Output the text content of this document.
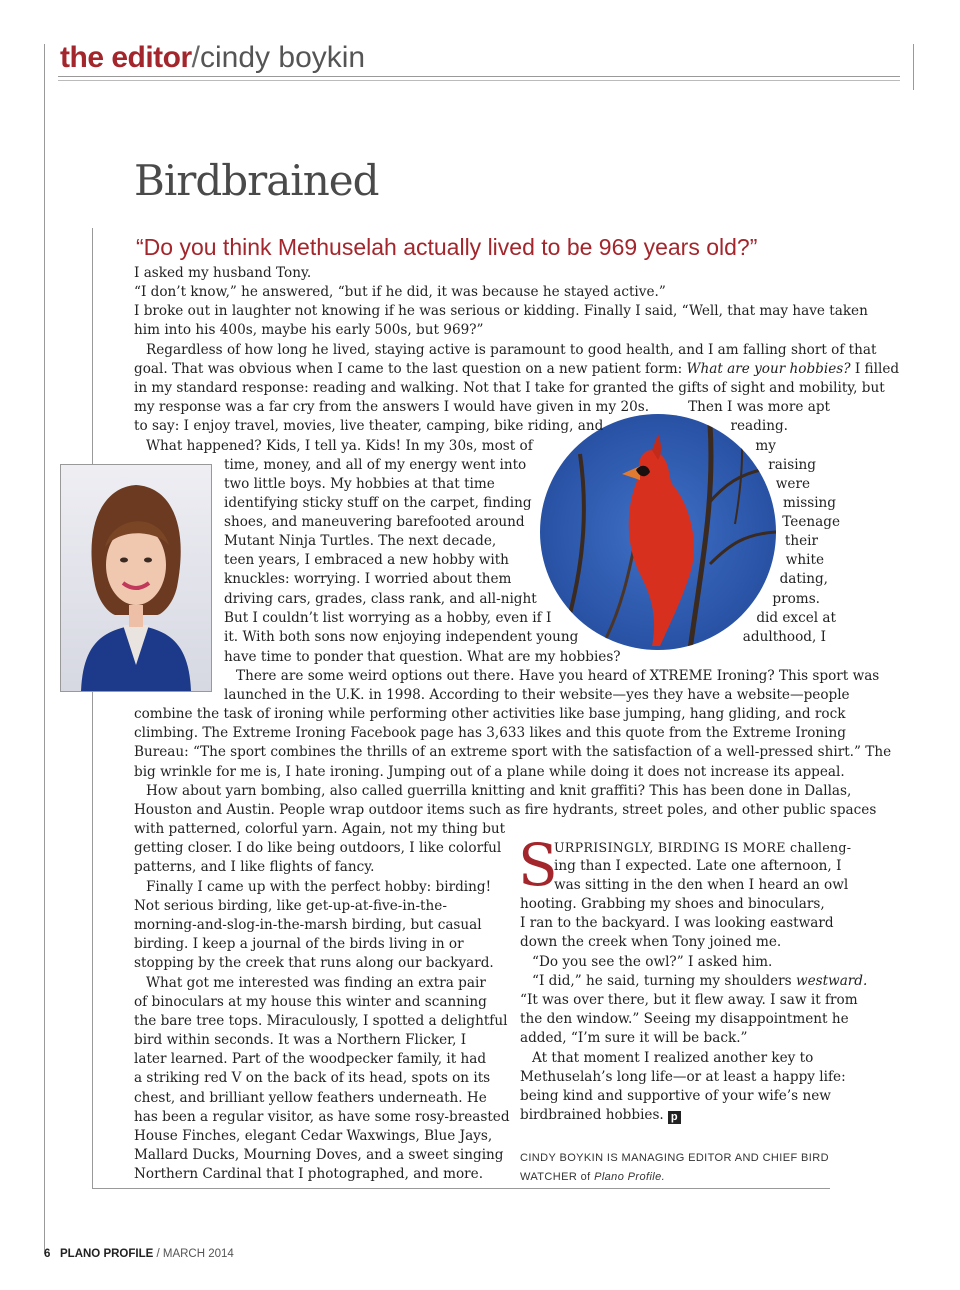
the editor/cindy boykin
Birdbrained
“Do you think Methuselah actually lived to be 969 years old?”
I asked my husband Tony.
“I don’t know,” he answered, “but if he did, it was because he stayed active.”
I broke out in laughter not knowing if he was serious or kidding. Finally I said, “Well, that may have taken
him into his 400s, maybe his early 500s, but 969?”
Regardless of how long he lived, staying active is paramount to good health, and I am falling short of that
goal. That was obvious when I came to the last question on a new patient form: What are your hobbies? I filled
in my standard response: reading and walking. Not that I take for granted the gifts of sight and mobility, but
my response was a far cry from the answers I would have given in my 20s.	Then I was more apt
to say: I enjoy travel, movies, live theater, camping, bike riding, and	reading.
What happened? Kids, I tell ya. Kids! In my 30s, most of	my
time, money, and all of my energy went into	raising
two little boys. My hobbies at that time	were
identifying sticky stuff on the carpet, finding	missing
shoes, and maneuvering barefooted around	Teenage
Mutant Ninja Turtles. The next decade,	their
teen years, I embraced a new hobby with	white
knuckles: worrying. I worried about them	dating,
driving cars, grades, class rank, and all-night	proms.
But I couldn’t list worrying as a hobby, even if I	did excel at
it. With both sons now enjoying independent young	adulthood, I
have time to ponder that question. What are my hobbies?
There are some weird options out there. Have you heard of XTREME Ironing? This sport was
launched in the U.K. in 1998. According to their website—yes they have a website—people
combine the task of ironing while performing other activities like base jumping, hang gliding, and rock
climbing. The Extreme Ironing Facebook page has 3,633 likes and this quote from the Extreme Ironing
Bureau: “The sport combines the thrills of an extreme sport with the satisfaction of a well-pressed shirt.” The
big wrinkle for me is, I hate ironing. Jumping out of a plane while doing it does not increase its appeal.
How about yarn bombing, also called guerrilla knitting and knit graffiti? This has been done in Dallas,
Houston and Austin. People wrap outdoor items such as fire hydrants, street poles, and other public spaces
with patterned, colorful yarn. Again, not my thing but
getting closer. I do like being outdoors, I like colorful
patterns, and I like flights of fancy.
Finally I came up with the perfect hobby: birding!
Not serious birding, like get-up-at-five-in-the-
morning-and-slog-in-the-marsh birding, but casual
birding. I keep a journal of the birds living in or
stopping by the creek that runs along our backyard.
What got me interested was finding an extra pair
of binoculars at my house this winter and scanning
the bare tree tops. Miraculously, I spotted a delightful
bird within seconds. It was a Northern Flicker, I
later learned. Part of the woodpecker family, it had
a striking red V on the back of its head, spots on its
chest, and brilliant yellow feathers underneath. He
has been a regular visitor, as have some rosy-breasted
House Finches, elegant Cedar Waxwings, Blue Jays,
Mallard Ducks, Mourning Doves, and a sweet singing
Northern Cardinal that I photographed, and more.
S
URPRISINGLY, BIRDING IS MORE challeng-
ing than I expected. Late one afternoon, I
was sitting in the den when I heard an owl
hooting. Grabbing my shoes and binoculars,
I ran to the backyard. I was looking eastward
down the creek when Tony joined me.
“Do you see the owl?” I asked him.
“I did,” he said, turning my shoulders westward.
“It was over there, but it flew away. I saw it from
the den window.” Seeing my disappointment he
added, “I’m sure it will be back.”
At that moment I realized another key to
Methuselah’s long life—or at least a happy life:
being kind and supportive of your wife’s new
birdbrained hobbies. p
CINDY BOYKIN IS MANAGING EDITOR AND CHIEF BIRD
WATCHER of Plano Profile.
6 PLANO PROFILE / MARCH 2014
